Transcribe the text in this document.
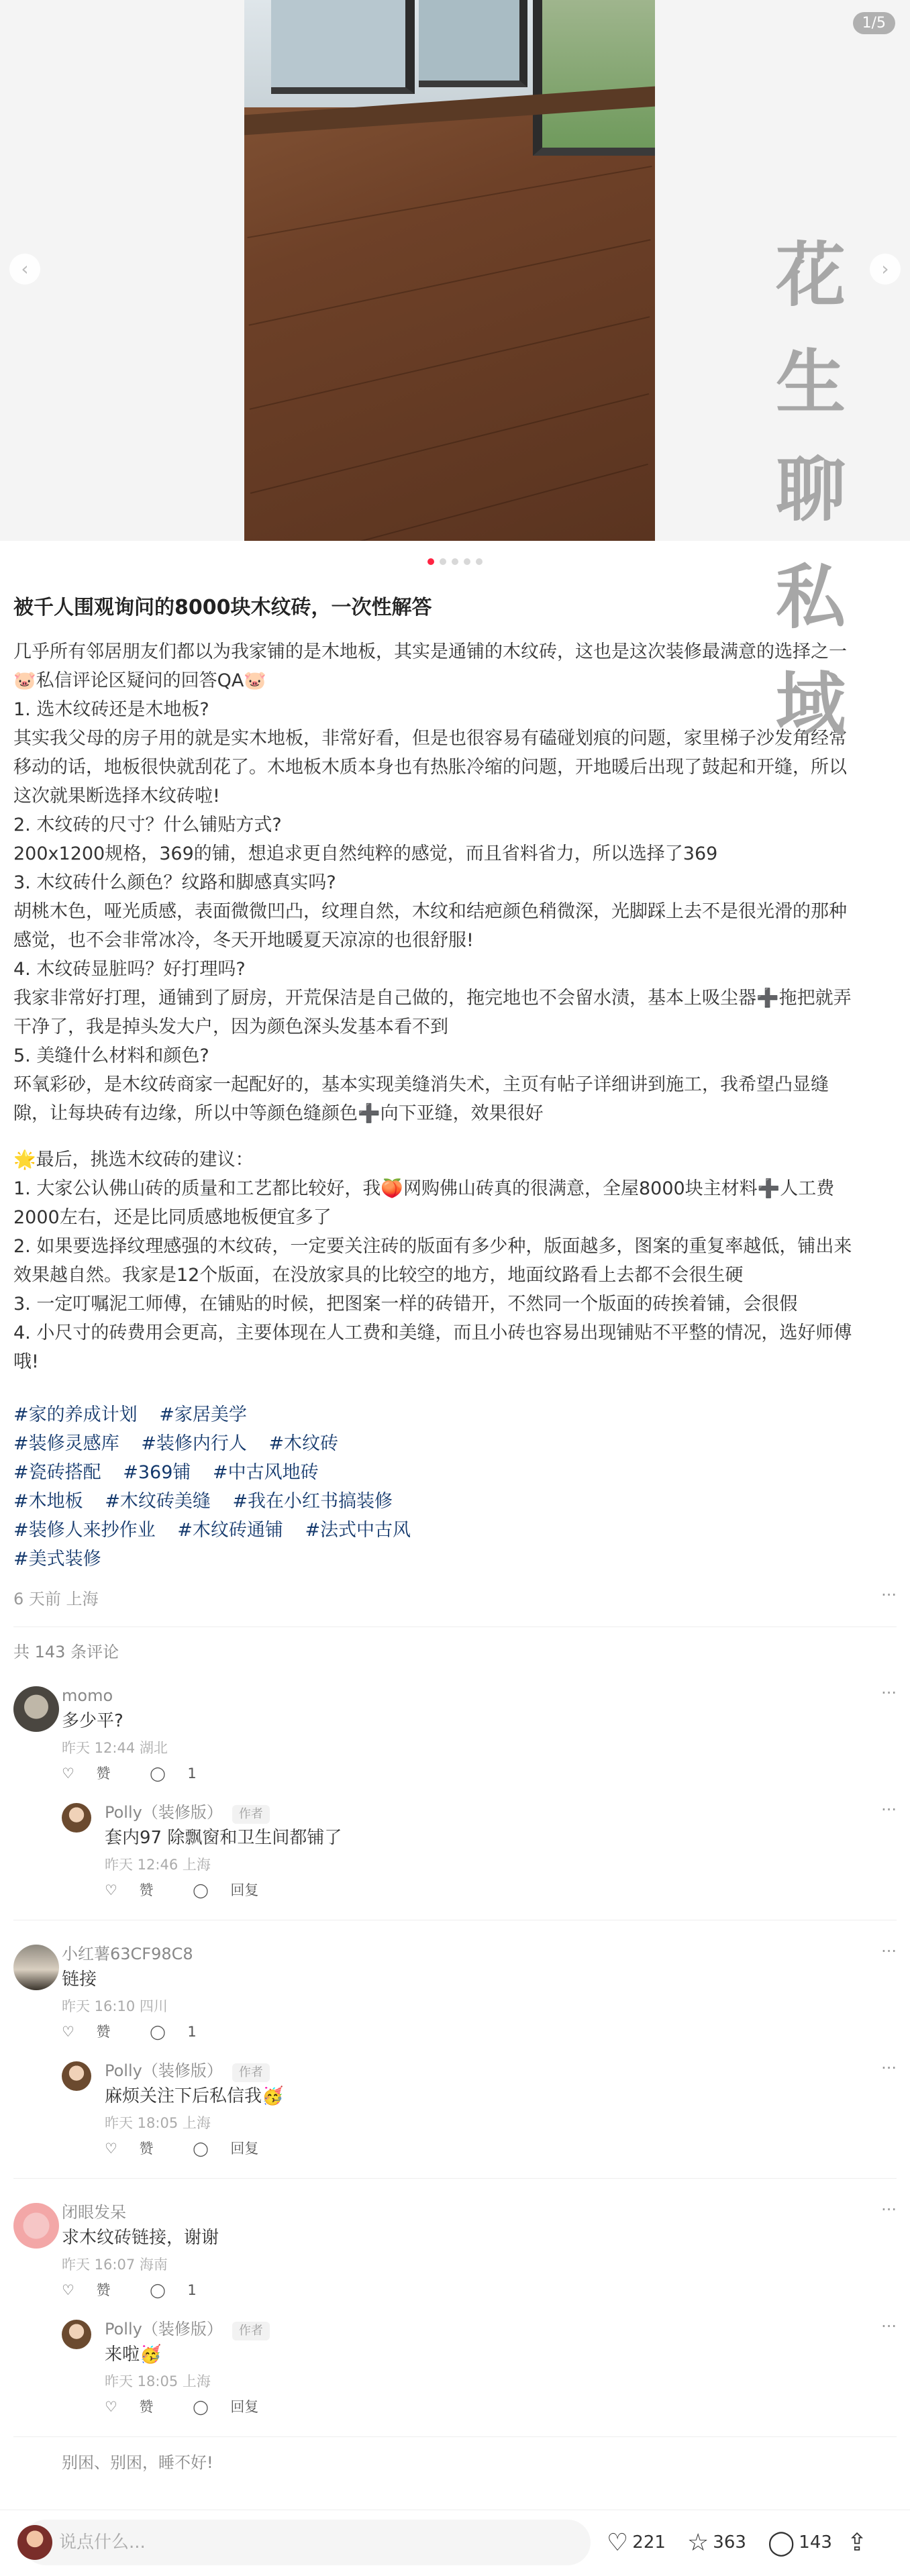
1/5
‹	›
花
生
聊
私
域

被千人围观询问的8000块木纹砖，一次性解答

几乎所有邻居朋友们都以为我家铺的是木地板，其实是通铺的木纹砖，这也是这次装修最满意的选择之一

🐷私信评论区疑问的回答QA🐷

1. 选木纹砖还是木地板?

其实我父母的房子用的就是实木地板，非常好看，但是也很容易有磕碰划痕的问题，家里梯子沙发角经常

移动的话，地板很快就刮花了。木地板木质本身也有热胀冷缩的问题，开地暖后出现了鼓起和开缝，所以

这次就果断选择木纹砖啦!

2. 木纹砖的尺寸？什么铺贴方式?

200x1200规格，369的铺，想追求更自然纯粹的感觉，而且省料省力，所以选择了369

3. 木纹砖什么颜色？纹路和脚感真实吗?

胡桃木色，哑光质感，表面微微凹凸，纹理自然，木纹和结疤颜色稍微深，光脚踩上去不是很光滑的那种

感觉，也不会非常冰冷，冬天开地暖夏天凉凉的也很舒服!

4. 木纹砖显脏吗？好打理吗?

我家非常好打理，通铺到了厨房，开荒保洁是自己做的，拖完地也不会留水渍，基本上吸尘器➕拖把就弄

干净了，我是掉头发大户，因为颜色深头发基本看不到

5. 美缝什么材料和颜色?

环氧彩砂，是木纹砖商家一起配好的，基本实现美缝消失术，主页有帖子详细讲到施工，我希望凸显缝

隙，让每块砖有边缘，所以中等颜色缝颜色➕向下亚缝，效果很好

🌟最后，挑选木纹砖的建议：

1. 大家公认佛山砖的质量和工艺都比较好，我🍑网购佛山砖真的很满意，全屋8000块主材料➕人工费

2000左右，还是比同质感地板便宜多了

2. 如果要选择纹理感强的木纹砖，一定要关注砖的版面有多少种，版面越多，图案的重复率越低，铺出来

效果越自然。我家是12个版面，在没放家具的比较空的地方，地面纹路看上去都不会很生硬

3. 一定叮嘱泥工师傅，在铺贴的时候，把图案一样的砖错开，不然同一个版面的砖挨着铺，会很假

4. 小尺寸的砖费用会更高，主要体现在人工费和美缝，而且小砖也容易出现铺贴不平整的情况，选好师傅

哦!

#家的养成计划 #家居美学
#装修灵感库 #装修内行人 #木纹砖
#瓷砖搭配 #369铺 #中古风地砖
#木地板 #木纹砖美缝 #我在小红书搞装修
#装修人来抄作业 #木纹砖通铺 #法式中古风
#美式装修
6 天前 上海	···
共 143 条评论
momo	···
多少平?
昨天 12:44 湖北
♡ 赞	◯ 1
Polly（装修版） 作者	···
套内97 除飘窗和卫生间都铺了
昨天 12:46 上海
♡ 赞	◯ 回复
小红薯63CF98C8	···
链接
昨天 16:10 四川
♡ 赞	◯ 1
Polly（装修版） 作者	···
麻烦关注下后私信我🥳
昨天 18:05 上海
♡ 赞	◯ 回复
闭眼发呆	···
求木纹砖链接，谢谢
昨天 16:07 海南
♡ 赞	◯ 1
Polly（装修版） 作者	···
来啦🥳
昨天 18:05 上海
♡ 赞	◯ 回复
别困、别困，睡不好!
说点什么...
♡ 221 ☆ 363 ◯ 143 ⇪
